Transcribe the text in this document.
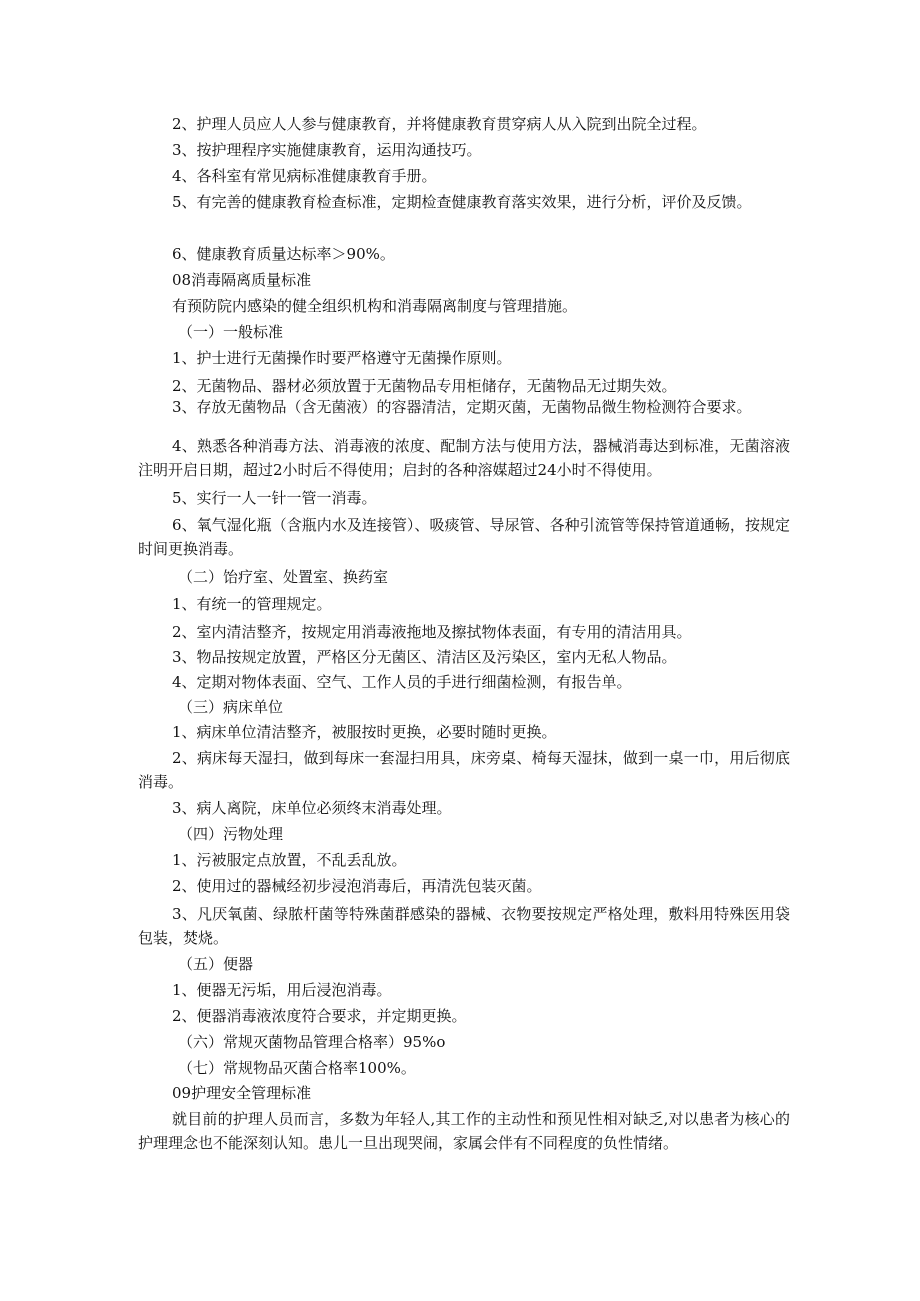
2、护理人员应人人参与健康教育，并将健康教育贯穿病人从入院到出院全过程。
3、按护理程序实施健康教育，运用沟通技巧。
4、各科室有常见病标准健康教育手册。
5、有完善的健康教育检查标准，定期检查健康教育落实效果，进行分析，评价及反馈。
6、健康教育质量达标率＞90%。
08消毒隔离质量标准
有预防院内感染的健全组织机构和消毒隔离制度与管理措施。
（一）一般标准
1、护士进行无菌操作时要严格遵守无菌操作原则。
2、无菌物品、器材必须放置于无菌物品专用柜储存，无菌物品无过期失效。
3、存放无菌物品（含无菌液）的容器清洁，定期灭菌，无菌物品微生物检测符合要求。
4、熟悉各种消毒方法、消毒液的浓度、配制方法与使用方法，器械消毒达到标准，无菌溶液注明开启日期，超过2小时后不得使用；启封的各种溶媒超过24小时不得使用。
5、实行一人一针一管一消毒。
6、氧气湿化瓶（含瓶内水及连接管）、吸痰管、导尿管、各种引流管等保持管道通畅，按规定时间更换消毒。
（二）饴疗室、处置室、换药室
1、有统一的管理规定。
2、室内清洁整齐，按规定用消毒液拖地及擦拭物体表面，有专用的清洁用具。
3、物品按规定放置，严格区分无菌区、清洁区及污染区，室内无私人物品。
4、定期对物体表面、空气、工作人员的手进行细菌检测，有报告单。
（三）病床单位
1、病床单位清洁整齐，被服按时更换，必要时随时更换。
2、病床每天湿扫，做到每床一套湿扫用具，床旁桌、椅每天湿抹，做到一桌一巾，用后彻底消毒。
3、病人离院，床单位必须终末消毒处理。
（四）污物处理
1、污被服定点放置，不乱丢乱放。
2、使用过的器械经初步浸泡消毒后，再清洗包装灭菌。
3、凡厌氧菌、绿脓杆菌等特殊菌群感染的器械、衣物要按规定严格处理，敷料用特殊医用袋包装，焚烧。
（五）便器
1、便器无污垢，用后浸泡消毒。
2、便器消毒液浓度符合要求，并定期更换。
（六）常规灭菌物品管理合格率）95%o
（七）常规物品灭菌合格率100%。
09护理安全管理标准
就目前的护理人员而言，多数为年轻人,其工作的主动性和预见性相对缺乏,对以患者为核心的护理理念也不能深刻认知。患儿一旦出现哭闹，家属会伴有不同程度的负性情绪。
